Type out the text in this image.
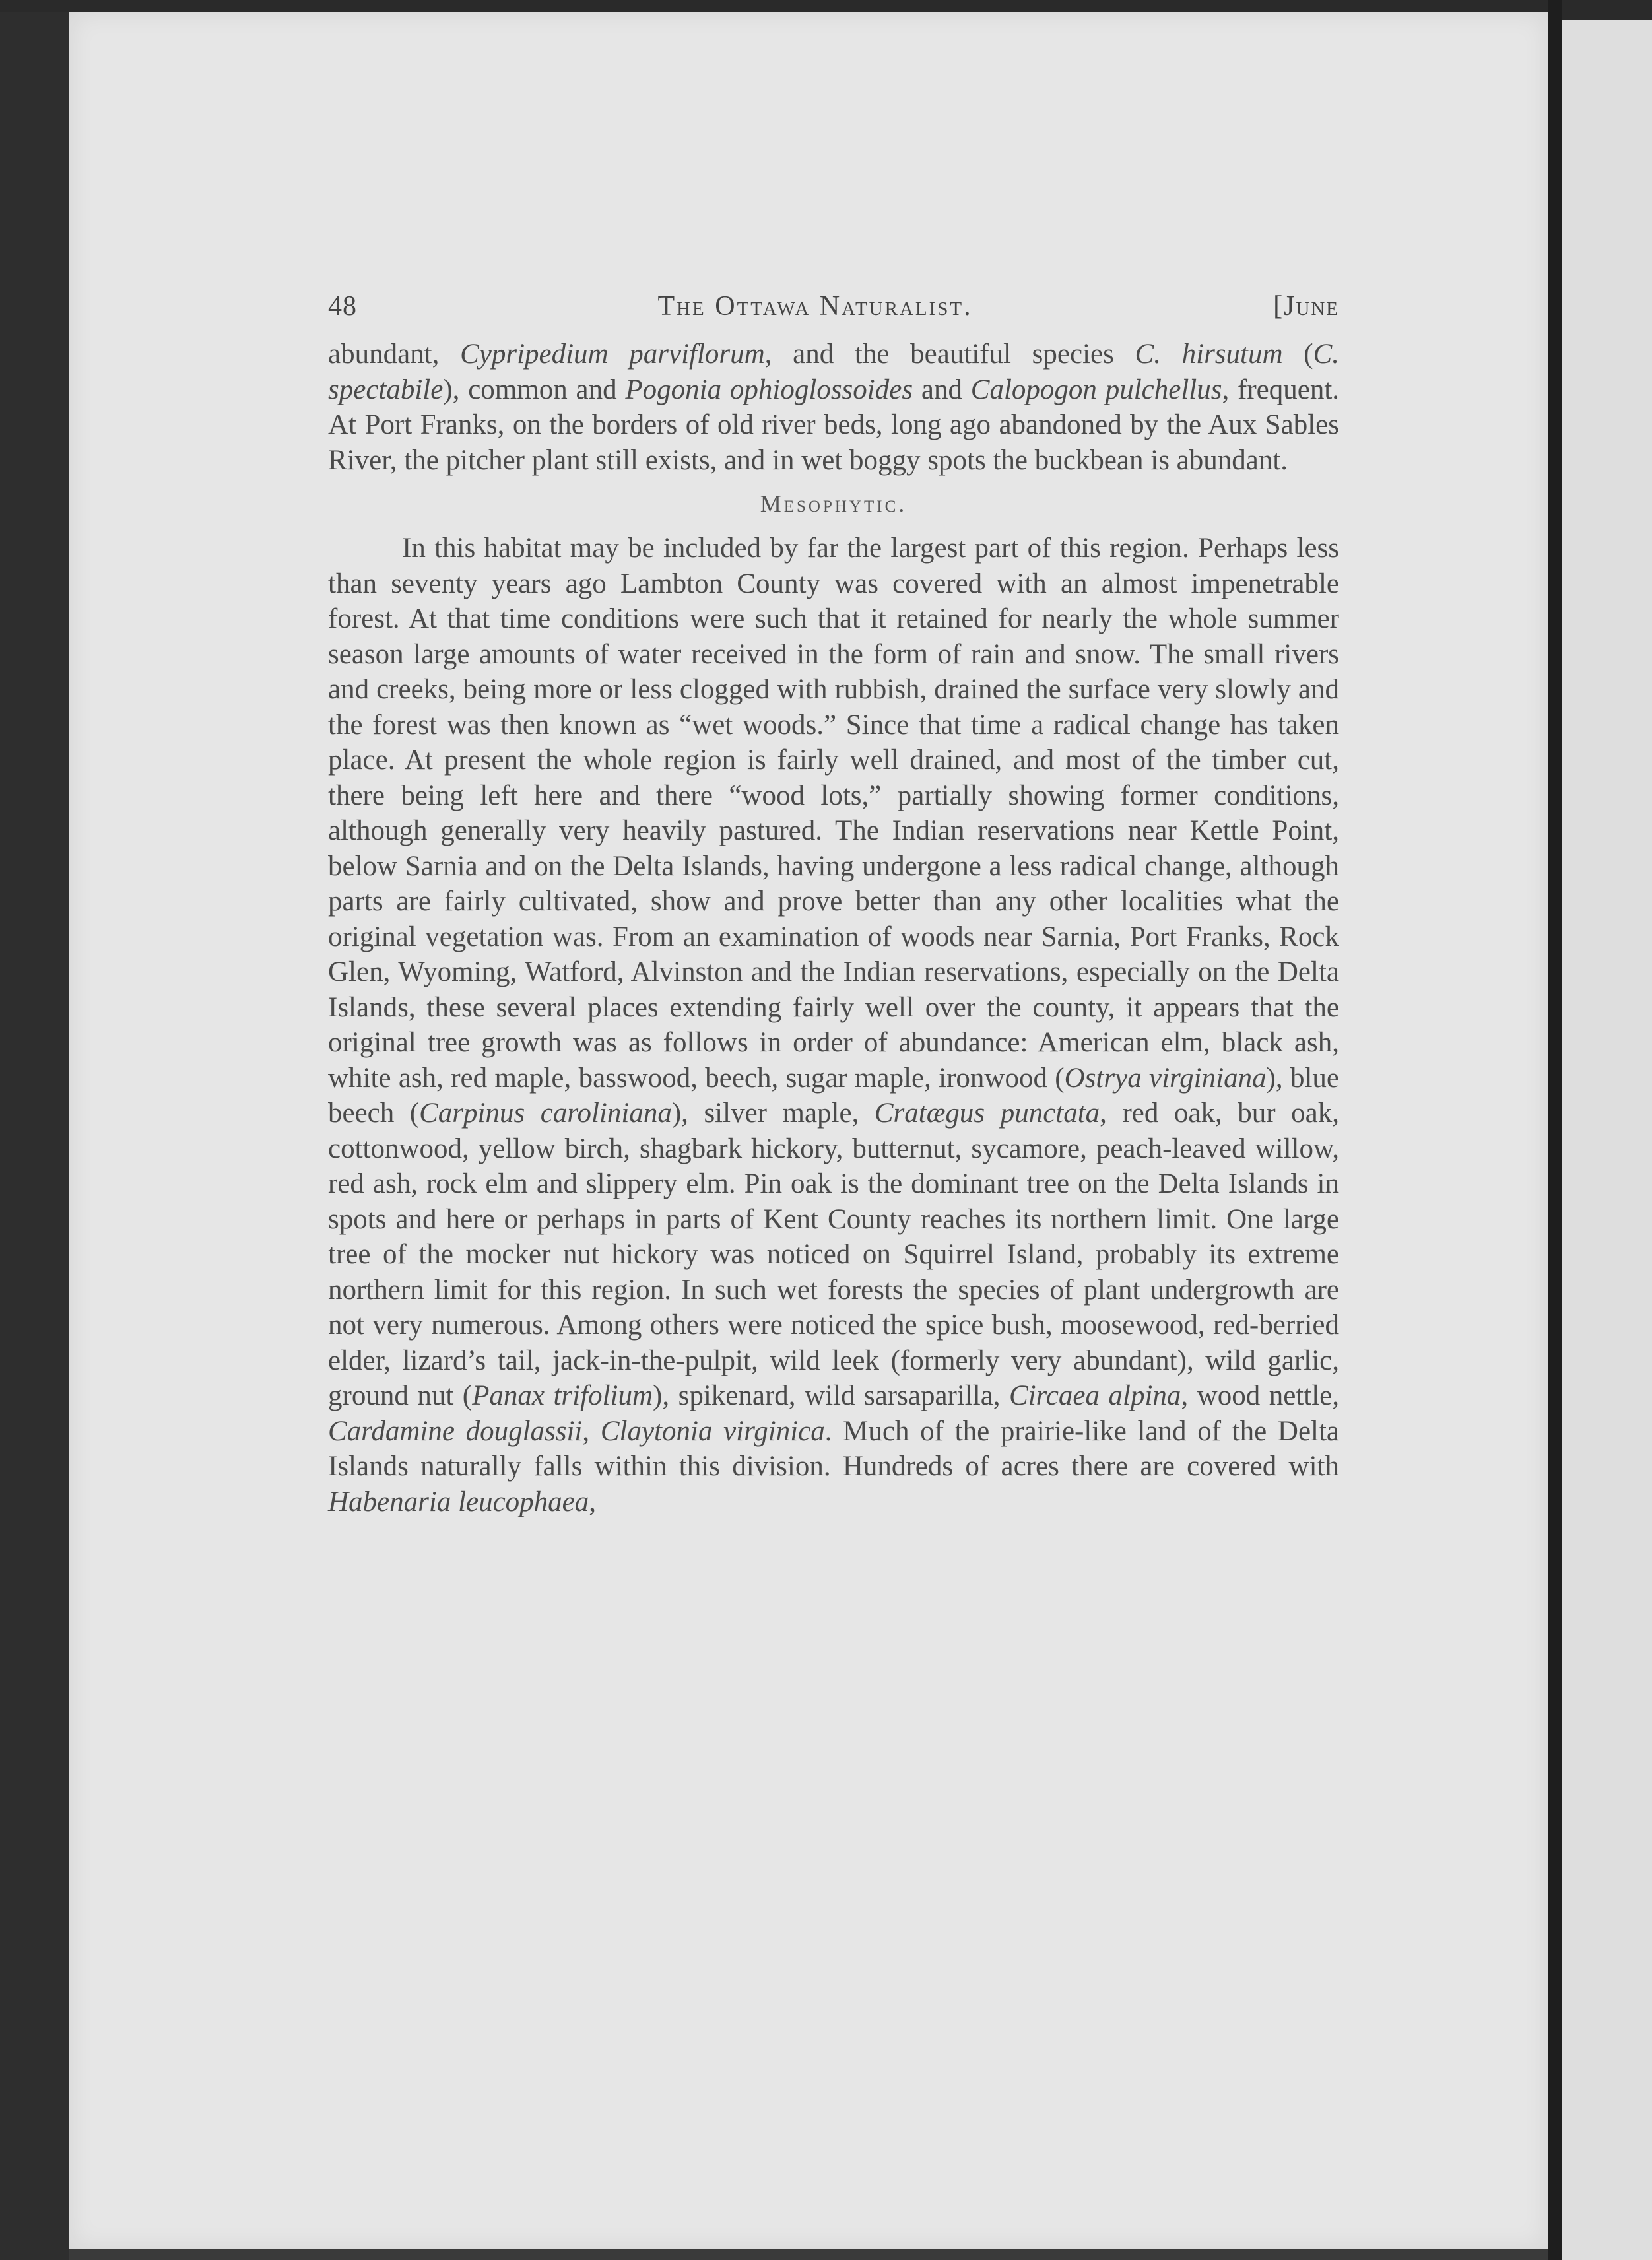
48	The Ottawa Naturalist.	[June

abundant, Cypripedium parviflorum, and the beautiful species C. hirsutum (C. spectabile), common and Pogonia ophioglossoides and Calopogon pulchellus, frequent. At Port Franks, on the borders of old river beds, long ago abandoned by the Aux Sables River, the pitcher plant still exists, and in wet boggy spots the buckbean is abundant.

Mesophytic.

In this habitat may be included by far the largest part of this region. Perhaps less than seventy years ago Lambton County was covered with an almost impenetrable forest. At that time conditions were such that it retained for nearly the whole summer season large amounts of water received in the form of rain and snow. The small rivers and creeks, being more or less clogged with rubbish, drained the surface very slowly and the forest was then known as “wet woods.” Since that time a radical change has taken place. At present the whole region is fairly well drained, and most of the timber cut, there being left here and there “wood lots,” partially showing former conditions, although generally very heavily pastured. The Indian reservations near Kettle Point, below Sarnia and on the Delta Islands, having undergone a less radical change, although parts are fairly cultivated, show and prove better than any other localities what the original vegetation was. From an examination of woods near Sarnia, Port Franks, Rock Glen, Wyoming, Watford, Alvinston and the Indian reservations, especially on the Delta Islands, these several places extending fairly well over the county, it appears that the original tree growth was as follows in order of abundance: American elm, black ash, white ash, red maple, basswood, beech, sugar maple, ironwood (Ostrya virginiana), blue beech (Carpinus caroliniana), silver maple, Cratægus punctata, red oak, bur oak, cottonwood, yellow birch, shagbark hickory, butternut, sycamore, peach-leaved willow, red ash, rock elm and slippery elm. Pin oak is the dominant tree on the Delta Islands in spots and here or perhaps in parts of Kent County reaches its northern limit. One large tree of the mocker nut hickory was noticed on Squirrel Island, probably its extreme northern limit for this region. In such wet forests the species of plant undergrowth are not very numerous. Among others were noticed the spice bush, moosewood, red-berried elder, lizard’s tail, jack-in-the-pulpit, wild leek (formerly very abundant), wild garlic, ground nut (Panax trifolium), spikenard, wild sarsaparilla, Circaea alpina, wood nettle, Cardamine douglassii, Claytonia virginica. Much of the prairie-like land of the Delta Islands naturally falls within this division. Hundreds of acres there are covered with Habenaria leucophaea,
